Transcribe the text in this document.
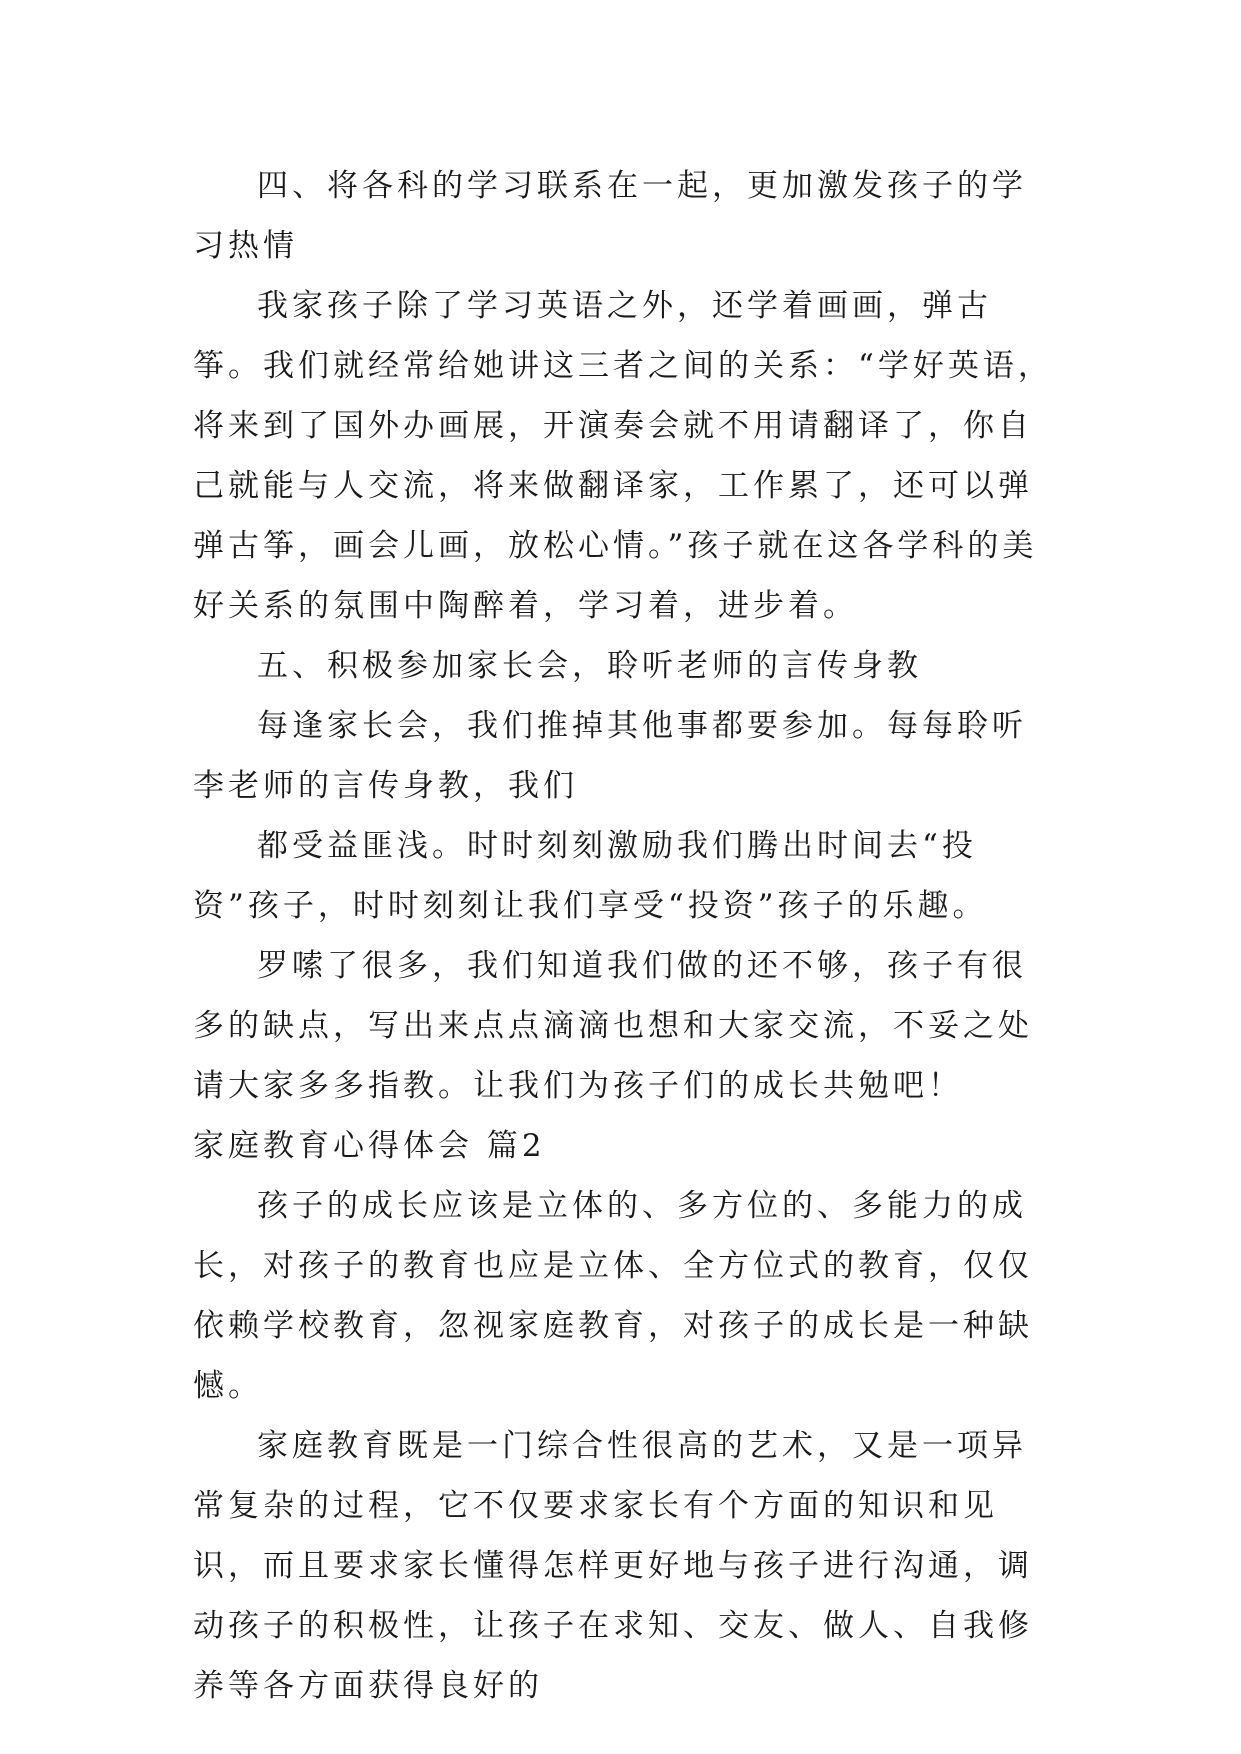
四、将各科的学习联系在一起，更加激发孩子的学习热情

我家孩子除了学习英语之外，还学着画画，弹古筝。我们就经常给她讲这三者之间的关系：“学好英语，将来到了国外办画展，开演奏会就不用请翻译了，你自己就能与人交流，将来做翻译家，工作累了，还可以弹弹古筝，画会儿画，放松心情。”孩子就在这各学科的美好关系的氛围中陶醉着，学习着，进步着。

五、积极参加家长会，聆听老师的言传身教

每逢家长会，我们推掉其他事都要参加。每每聆听李老师的言传身教，我们

都受益匪浅。时时刻刻激励我们腾出时间去“投资”孩子，时时刻刻让我们享受“投资”孩子的乐趣。

罗嗦了很多，我们知道我们做的还不够，孩子有很多的缺点，写出来点点滴滴也想和大家交流，不妥之处请大家多多指教。让我们为孩子们的成长共勉吧！

家庭教育心得体会 篇2

孩子的成长应该是立体的、多方位的、多能力的成长，对孩子的教育也应是立体、全方位式的教育，仅仅依赖学校教育，忽视家庭教育，对孩子的成长是一种缺憾。

家庭教育既是一门综合性很高的艺术，又是一项异常复杂的过程，它不仅要求家长有个方面的知识和见识，而且要求家长懂得怎样更好地与孩子进行沟通，调动孩子的积极性，让孩子在求知、交友、做人、自我修养等各方面获得良好的
